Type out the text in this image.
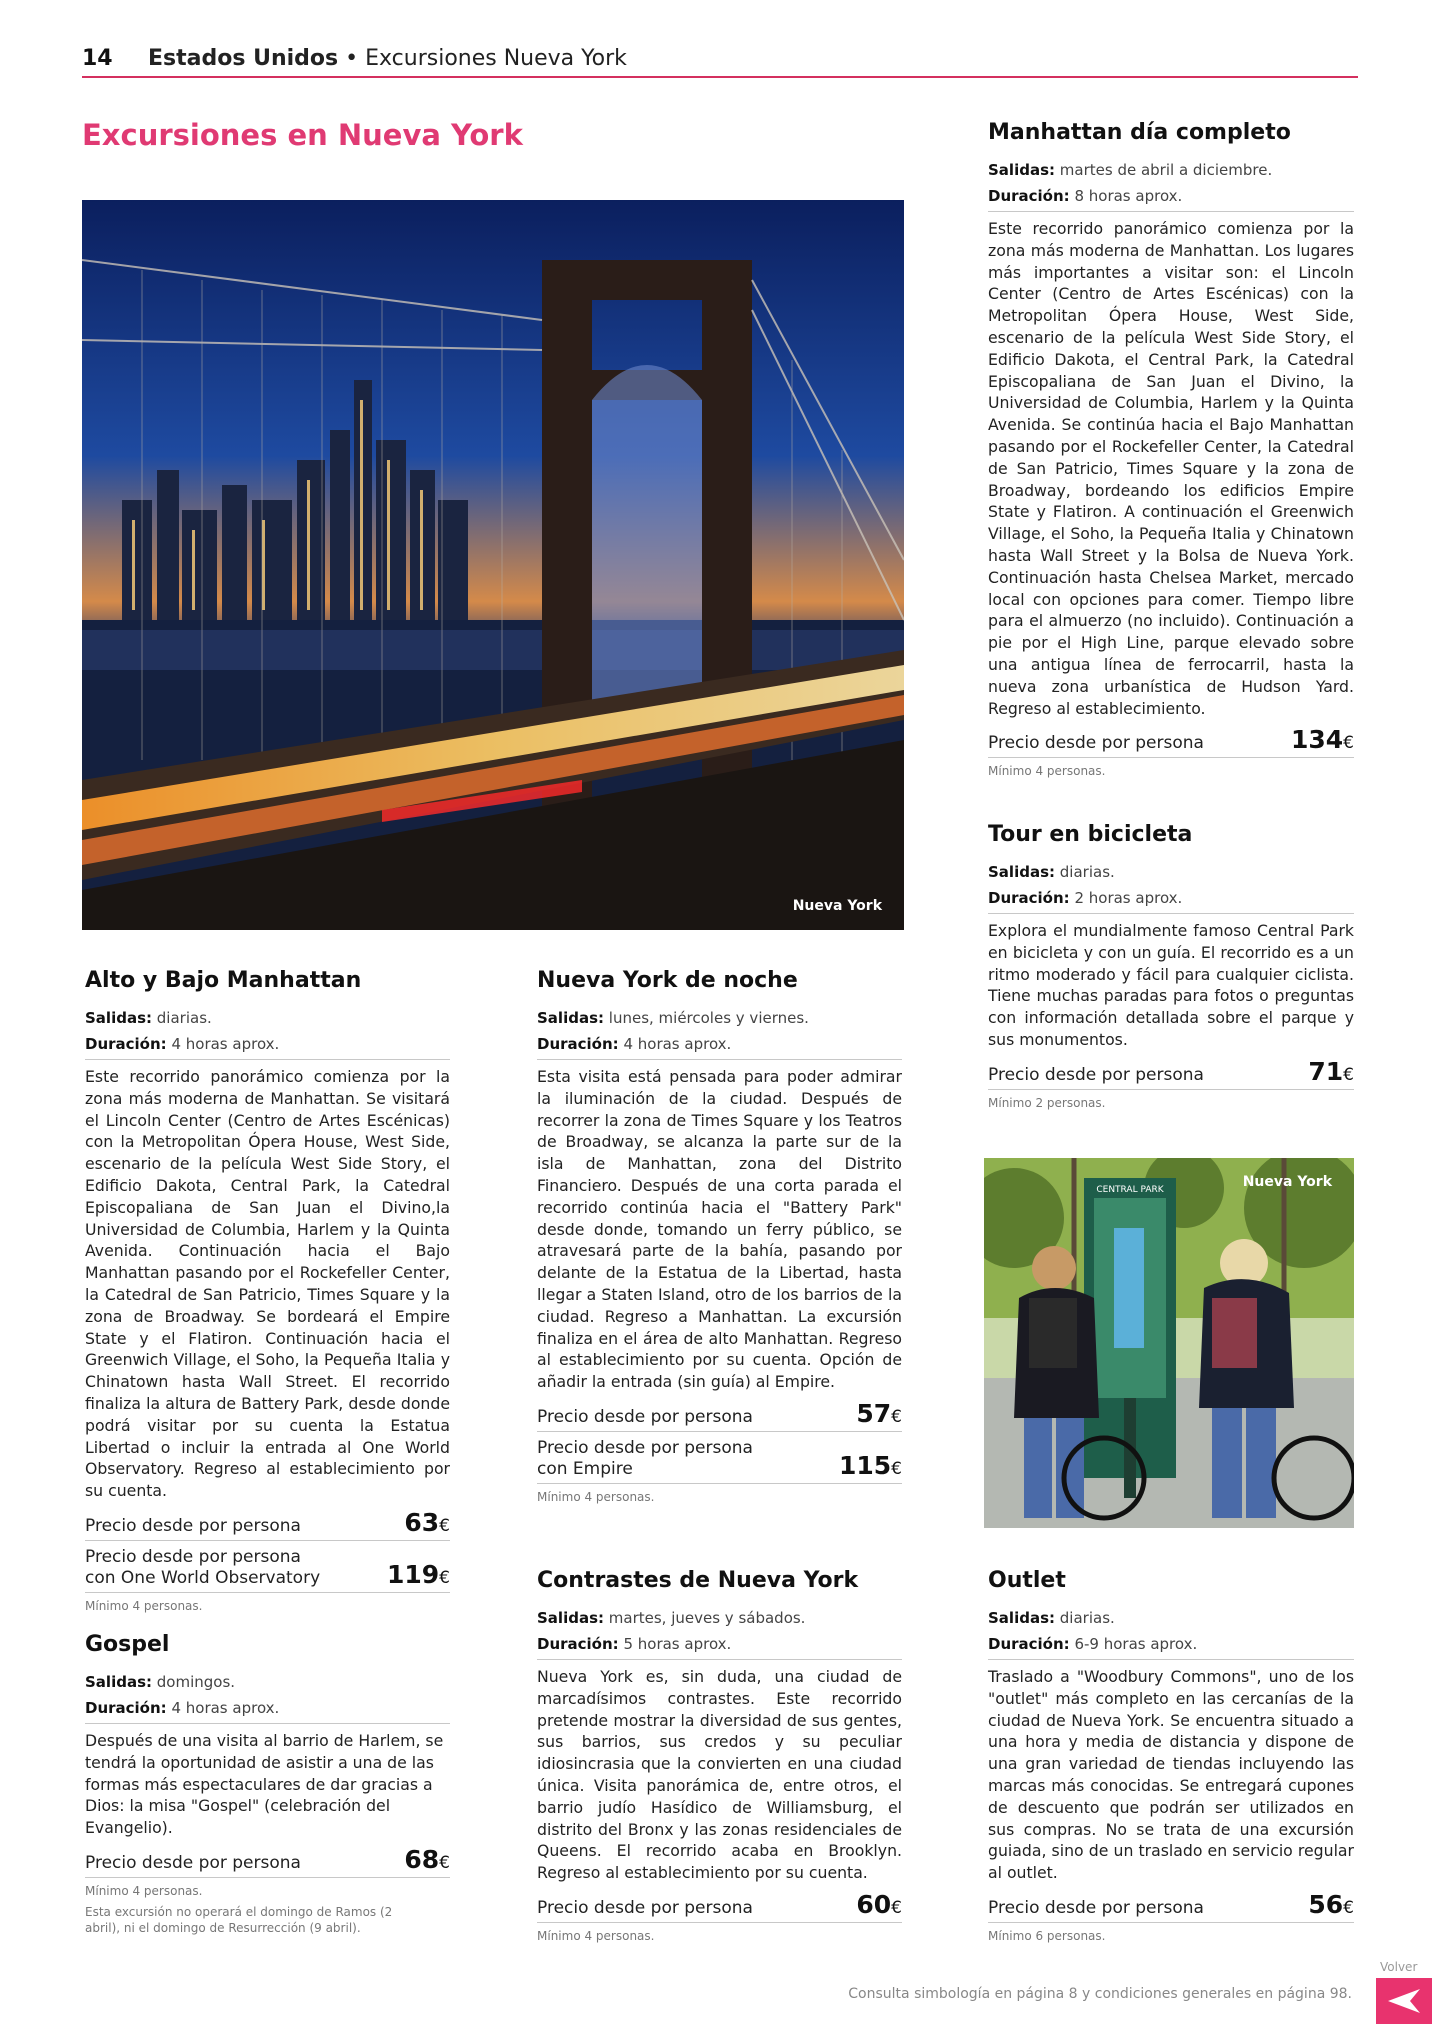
14 Estados Unidos • Excursiones Nueva York
Excursiones en Nueva York
Nueva York
CENTRAL PARK	Nueva York
Manhattan día completo
Salidas: martes de abril a diciembre.
Duración: 8 horas aprox.

Este recorrido panorámico comienza por la zona más moderna de Manhattan. Los lugares más importantes a visitar son: el Lincoln Center (Centro de Artes Escénicas) con la Metropolitan Ópera House, West Side, escenario de la película West Side Story, el Edificio Dakota, el Central Park, la Catedral Episcopaliana de San Juan el Divino, la Universidad de Columbia, Harlem y la Quinta Avenida. Se continúa hacia el Bajo Manhattan pasando por el Rockefeller Center, la Catedral de San Patricio, Times Square y la zona de Broadway, bordeando los edificios Empire State y Flatiron. A continuación el Greenwich Village, el Soho, la Pequeña Italia y Chinatown hasta Wall Street y la Bolsa de Nueva York. Continuación hasta Chelsea Market, mercado local con opciones para comer. Tiempo libre para el almuerzo (no incluido). Continuación a pie por el High Line, parque elevado sobre una antigua línea de ferrocarril, hasta la nueva zona urbanística de Hudson Yard. Regreso al establecimiento.

Precio desde por persona	134€
Mínimo 4 personas.
Tour en bicicleta
Salidas: diarias.
Duración: 2 horas aprox.

Explora el mundialmente famoso Central Park en bicicleta y con un guía. El recorrido es a un ritmo moderado y fácil para cualquier ciclista. Tiene muchas paradas para fotos o preguntas con información detallada sobre el parque y sus monumentos.

Precio desde por persona	71€
Mínimo 2 personas.
Alto y Bajo Manhattan
Salidas: diarias.
Duración: 4 horas aprox.

Este recorrido panorámico comienza por la zona más moderna de Manhattan. Se visitará el Lincoln Center (Centro de Artes Escénicas) con la Metropolitan Ópera House, West Side, escenario de la película West Side Story, el Edificio Dakota, Central Park, la Catedral Episcopaliana de San Juan el Divino,la Universidad de Columbia, Harlem y la Quinta Avenida. Continuación hacia el Bajo Manhattan pasando por el Rockefeller Center, la Catedral de San Patricio, Times Square y la zona de Broadway. Se bordeará el Empire State y el Flatiron. Continuación hacia el Greenwich Village, el Soho, la Pequeña Italia y Chinatown hasta Wall Street. El recorrido finaliza la altura de Battery Park, desde donde podrá visitar por su cuenta la Estatua Libertad o incluir la entrada al One World Observatory. Regreso al establecimiento por su cuenta.

Precio desde por persona	63€
Precio desde por persona con One World Observatory	119€
Mínimo 4 personas.
Nueva York de noche
Salidas: lunes, miércoles y viernes.
Duración: 4 horas aprox.

Esta visita está pensada para poder admirar la iluminación de la ciudad. Después de recorrer la zona de Times Square y los Teatros de Broadway, se alcanza la parte sur de la isla de Manhattan, zona del Distrito Financiero. Después de una corta parada el recorrido continúa hacia el "Battery Park" desde donde, tomando un ferry público, se atravesará parte de la bahía, pasando por delante de la Estatua de la Libertad, hasta llegar a Staten Island, otro de los barrios de la ciudad. Regreso a Manhattan. La excursión finaliza en el área de alto Manhattan. Regreso al establecimiento por su cuenta. Opción de añadir la entrada (sin guía) al Empire.

Precio desde por persona	57€
Precio desde por persona con Empire	115€
Mínimo 4 personas.
Gospel
Salidas: domingos.
Duración: 4 horas aprox.

Después de una visita al barrio de Harlem, se tendrá la oportunidad de asistir a una de las formas más espectaculares de dar gracias a Dios: la misa "Gospel" (celebración del Evangelio).

Precio desde por persona	68€
Mínimo 4 personas.
Esta excursión no operará el domingo de Ramos (2 abril), ni el domingo de Resurrección (9 abril).
Contrastes de Nueva York
Salidas: martes, jueves y sábados.
Duración: 5 horas aprox.

Nueva York es, sin duda, una ciudad de marcadísimos contrastes. Este recorrido pretende mostrar la diversidad de sus gentes, sus barrios, sus credos y su peculiar idiosincrasia que la convierten en una ciudad única. Visita panorámica de, entre otros, el barrio judío Hasídico de Williamsburg, el distrito del Bronx y las zonas residenciales de Queens. El recorrido acaba en Brooklyn. Regreso al establecimiento por su cuenta.

Precio desde por persona	60€
Mínimo 4 personas.
Outlet
Salidas: diarias.
Duración: 6-9 horas aprox.

Traslado a "Woodbury Commons", uno de los "outlet" más completo en las cercanías de la ciudad de Nueva York. Se encuentra situado a una hora y media de distancia y dispone de una gran variedad de tiendas incluyendo las marcas más conocidas. Se entregará cupones de descuento que podrán ser utilizados en sus compras. No se trata de una excursión guiada, sino de un traslado en servicio regular al outlet.

Precio desde por persona	56€
Mínimo 6 personas.
Consulta simbología en página 8 y condiciones generales en página 98.
Volver
